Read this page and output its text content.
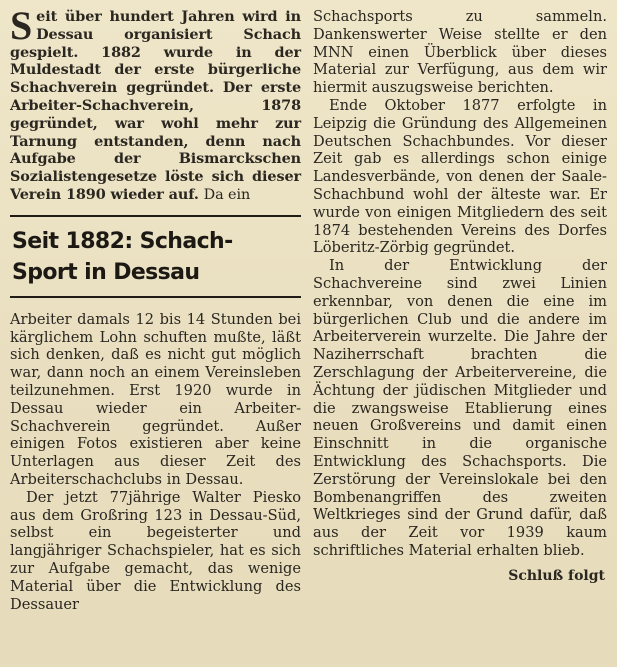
Seit über hundert Jahren wird in Dessau organisiert Schach gespielt. 1882 wurde in der Muldestadt der erste bürgerliche Schachverein gegründet. Der erste Arbeiter-Schachverein, 1878 gegründet, war wohl mehr zur Tarnung entstanden, denn nach Aufgabe der Bismarckschen Sozialistengesetze löste sich dieser Verein 1890 wieder auf. Da ein

Seit 1882: Schach-
Sport in Dessau

Arbeiter damals 12 bis 14 Stunden bei kärglichem Lohn schuften mußte, läßt sich denken, daß es nicht gut möglich war, dann noch an einem Vereinsleben teilzunehmen. Erst 1920 wurde in Dessau wieder ein Arbeiter-Schachverein gegründet. Außer einigen Fotos existieren aber keine Unterlagen aus dieser Zeit des Arbeiterschachclubs in Dessau.

Der jetzt 77jährige Walter Piesko aus dem Großring 123 in Dessau-Süd, selbst ein begeisterter und langjähriger Schachspieler, hat es sich zur Aufgabe gemacht, das wenige Material über die Entwicklung des Dessauer

Schachsports zu sammeln. Dankenswerter Weise stellte er den MNN einen Überblick über dieses Material zur Verfügung, aus dem wir hiermit auszugsweise berichten.

Ende Oktober 1877 erfolgte in Leipzig die Gründung des Allgemeinen Deutschen Schachbundes. Vor dieser Zeit gab es allerdings schon einige Landesverbände, von denen der Saale-Schachbund wohl der älteste war. Er wurde von einigen Mitgliedern des seit 1874 bestehenden Vereins des Dorfes Löberitz-Zörbig gegründet.

In der Entwicklung der Schachvereine sind zwei Linien erkennbar, von denen die eine im bürgerlichen Club und die andere im Arbeiterverein wurzelte. Die Jahre der Naziherrschaft brachten die Zerschlagung der Arbeitervereine, die Ächtung der jüdischen Mitglieder und die zwangsweise Etablierung eines neuen Großvereins und damit einen Einschnitt in die organische Entwicklung des Schachsports. Die Zerstörung der Vereinslokale bei den Bombenangriffen des zweiten Weltkrieges sind der Grund dafür, daß aus der Zeit vor 1939 kaum schriftliches Material erhalten blieb.

Schluß folgt
